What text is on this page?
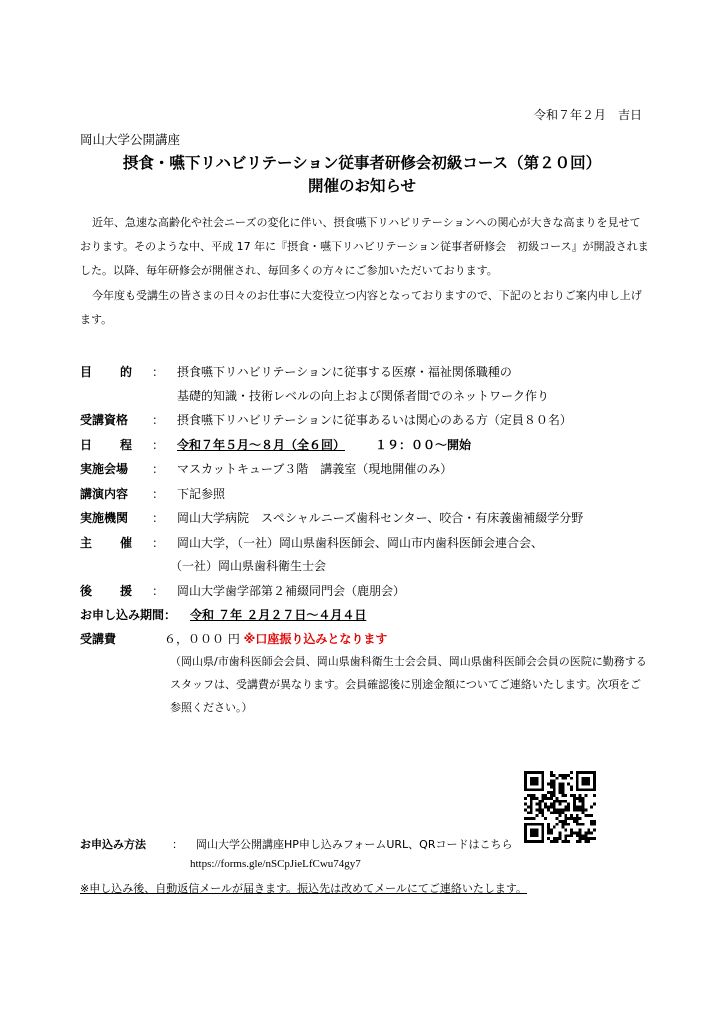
令和７年２月　吉日
岡山大学公開講座
摂食・嚥下リハビリテーション従事者研修会初級コース（第２０回）
開催のお知らせ
近年、急速な高齢化や社会ニーズの変化に伴い、摂食嚥下リハビリテーションへの関心が大きな高まりを見せております。そのような中、平成 17 年に『摂食・嚥下リハビリテーション従事者研修会　初級コース』が開設されました。以降、毎年研修会が開催され、毎回多くの方々にご参加いただいております。
今年度も受講生の皆さまの日々のお仕事に大変役立つ内容となっておりますので、下記のとおりご案内申し上げます。
目 的 ： 摂食嚥下リハビリテーションに従事する医療・福祉関係職種の
基礎的知識・技術レベルの向上および関係者間でのネットワーク作り
受講資格 ： 摂食嚥下リハビリテーションに従事あるいは関心のある方（定員８０名）
日 程 ： 令和７年５月～８月（全６回）	１９：００～開始
実施会場 ： マスカットキューブ３階　講義室（現地開催のみ）
講演内容 ： 下記参照
実施機関 ： 岡山大学病院　スペシャルニーズ歯科センター、咬合・有床義歯補綴学分野
主 催 ： 岡山大学，（一社）岡山県歯科医師会、岡山市内歯科医師会連合会、
（一社）岡山県歯科衛生士会
後 援 ： 岡山大学歯学部第２補綴同門会（鹿朋会）
お申し込み期間： 令和 ７年 ２月２７日～４月４日
受講費	６，０００ 円 ※口座振り込みとなります
（岡山県/市歯科医師会会員、岡山県歯科衛生士会会員、岡山県歯科医師会会員の医院に勤務するスタッフは、受講費が異なります。会員確認後に別途金額についてご連絡いたします。次項をご参照ください。）
お申込み方法 ： 岡山大学公開講座HP申し込みフォームURL、QRコードはこちら
https://forms.gle/nSCpJieLfCwu74gy7
※申し込み後、自動返信メールが届きます。振込先は改めてメールにてご連絡いたします。
